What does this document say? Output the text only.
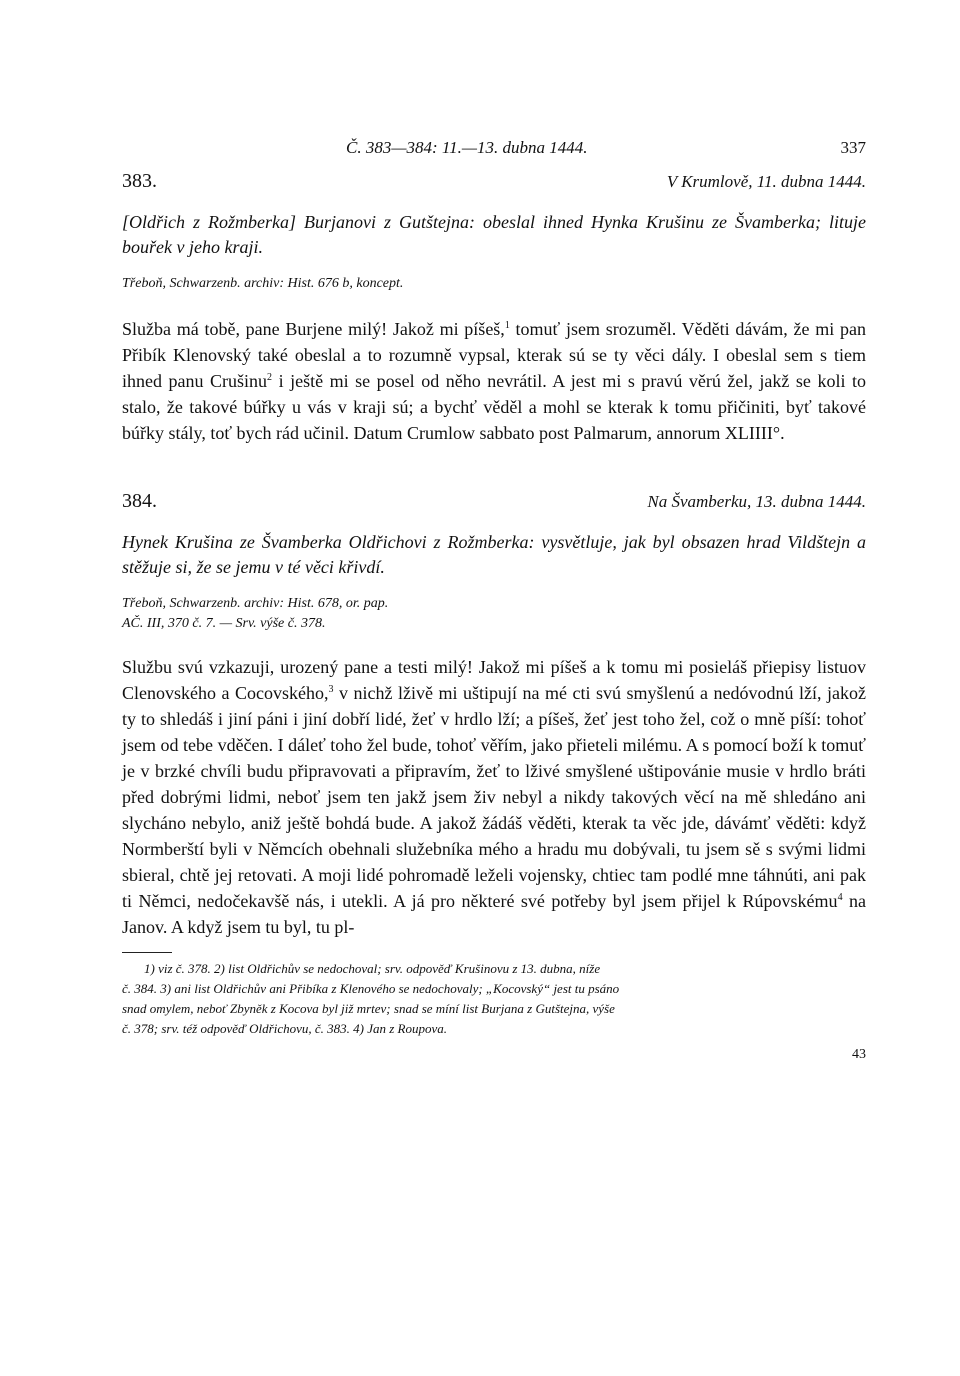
Č. 383—384: 11.—13. dubna 1444.	337
383.	V Krumlově, 11. dubna 1444.

[Oldřich z Rožmberka] Burjanovi z Gutštejna: obeslal ihned Hynka Krušinu ze Švamberka; lituje bouřek v jeho kraji.

Třeboň, Schwarzenb. archiv: Hist. 676 b, koncept.

Služba má tobě, pane Burjene milý! Jakož mi píšeš,$^1$ tomuť jsem srozuměl. Věděti dávám, že mi pan Přibík Klenovský také obeslal a to rozumně vypsal, kterak sú se ty věci dály. I obeslal sem s tiem ihned panu Crušinu$^2$ i ještě mi se posel od něho nevrátil. A jest mi s pravú věrú žel, jakž se koli to stalo, že takové búřky u vás v kraji sú; a bychť věděl a mohl se kterak k tomu přičiniti, byť takové búřky stály, toť bych rád učinil. Datum Crumlow sabbato post Palmarum, annorum XLIIII°.

384.	Na Švamberku, 13. dubna 1444.

Hynek Krušina ze Švamberka Oldřichovi z Rožmberka: vysvětluje, jak byl obsazen hrad Vildštejn a stěžuje si, že se jemu v té věci křivdí.

Třeboň, Schwarzenb. archiv: Hist. 678, or. pap.

AČ. III, 370 č. 7. — Srv. výše č. 378.

Službu svú vzkazuji, urozený pane a testi milý! Jakož mi píšeš a k tomu mi posieláš přiepisy listuov Clenovského a Cocovského,$^3$ v nichž lživě mi uštipují na mé cti svú smyšlenú a nedóvodnú lží, jakož ty to shledáš i jiní páni i jiní dobří lidé, žeť v hrdlo lží; a píšeš, žeť jest toho žel, což o mně píší: tohoť jsem od tebe vděčen. I dáleť toho žel bude, tohoť věřím, jako přieteli milému. A s pomocí boží k tomuť je v brzké chvíli budu připravovati a připravím, žeť to lživé smyšlené uštipovánie musie v hrdlo bráti před dobrými lidmi, neboť jsem ten jakž jsem živ nebyl a nikdy takových věcí na mě shledáno ani slycháno nebylo, aniž ještě bohdá bude. A jakož žádáš věděti, kterak ta věc jde, dávámť věděti: když Normberští byli v Němcích obehnali služebníka mého a hradu mu dobývali, tu jsem sě s svými lidmi sbieral, chtě jej retovati. A moji lidé pohromadě leželi vojensky, chtiec tam podlé mne táhnúti, ani pak ti Němci, nedočekavšě nás, i utekli. A já pro některé své potřeby byl jsem přijel k Rúpovskému$^4$ na Janov. A když jsem tu byl, tu pl-

1) viz č. 378. 2) list Oldřichův se nedochoval; srv. odpověď Krušinovu z 13. dubna, níže

č. 384. 3) ani list Oldřichův ani Přibíka z Klenového se nedochovaly; „Kocovský“ jest tu psáno

snad omylem, neboť Zbyněk z Kocova byl již mrtev; snad se míní list Burjana z Gutštejna, výše

č. 378; srv. též odpověď Oldřichovu, č. 383. 4) Jan z Roupova.

43
